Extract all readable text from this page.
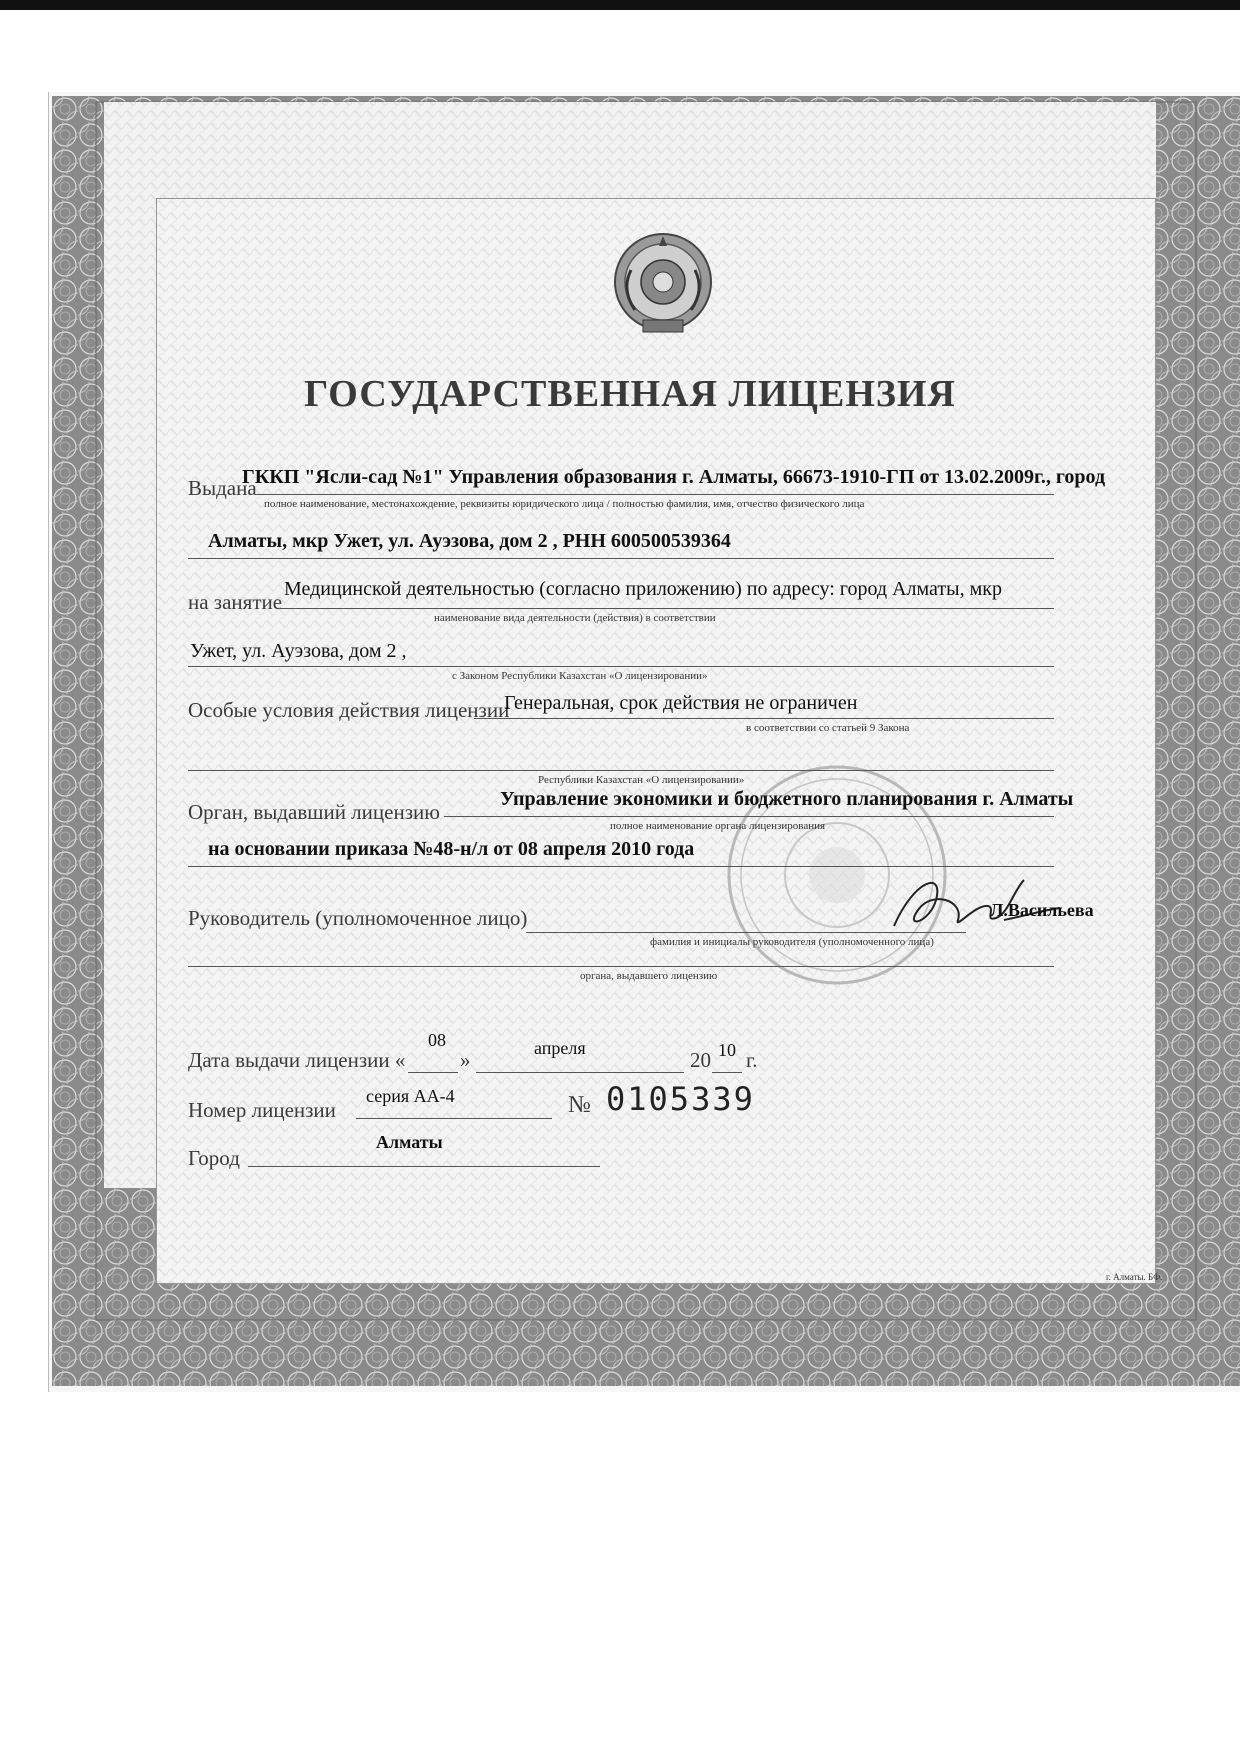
ГОСУДАРСТВЕННАЯ ЛИЦЕНЗИЯ
Выдана
ГККП "Ясли-сад №1" Управления образования г. Алматы, 66673-1910-ГП от 13.02.2009г., город
полное наименование, местонахождение, реквизиты юридического лица / полностью фамилия, имя, отчество физического лица
Алматы, мкр Ужет, ул. Ауэзова, дом 2 , РНН 600500539364
на занятие
Медицинской деятельностью (согласно приложению) по адресу: город Алматы, мкр
наименование вида деятельности (действия) в соответствии
Ужет, ул. Ауэзова, дом 2 ,
с Законом Республики Казахстан «О лицензировании»
Особые условия действия лицензии
Генеральная, срок действия не ограничен
в соответствии со статьей 9 Закона
Республики Казахстан «О лицензировании»
Орган, выдавший лицензию
Управление экономики и бюджетного планирования г. Алматы
полное наименование органа лицензирования
на основании приказа №48-н/л от 08 апреля 2010 года
Руководитель (уполномоченное лицо)	Л.Васильева
фамилия и инициалы руководителя (уполномоченного лица)
органа, выдавшего лицензию
Дата выдачи лицензии «
08
»	апреля	20 10 г.
Номер лицензии
серия АА-4	№ 0105339
Город
Алматы
г. Алматы. БФ.
